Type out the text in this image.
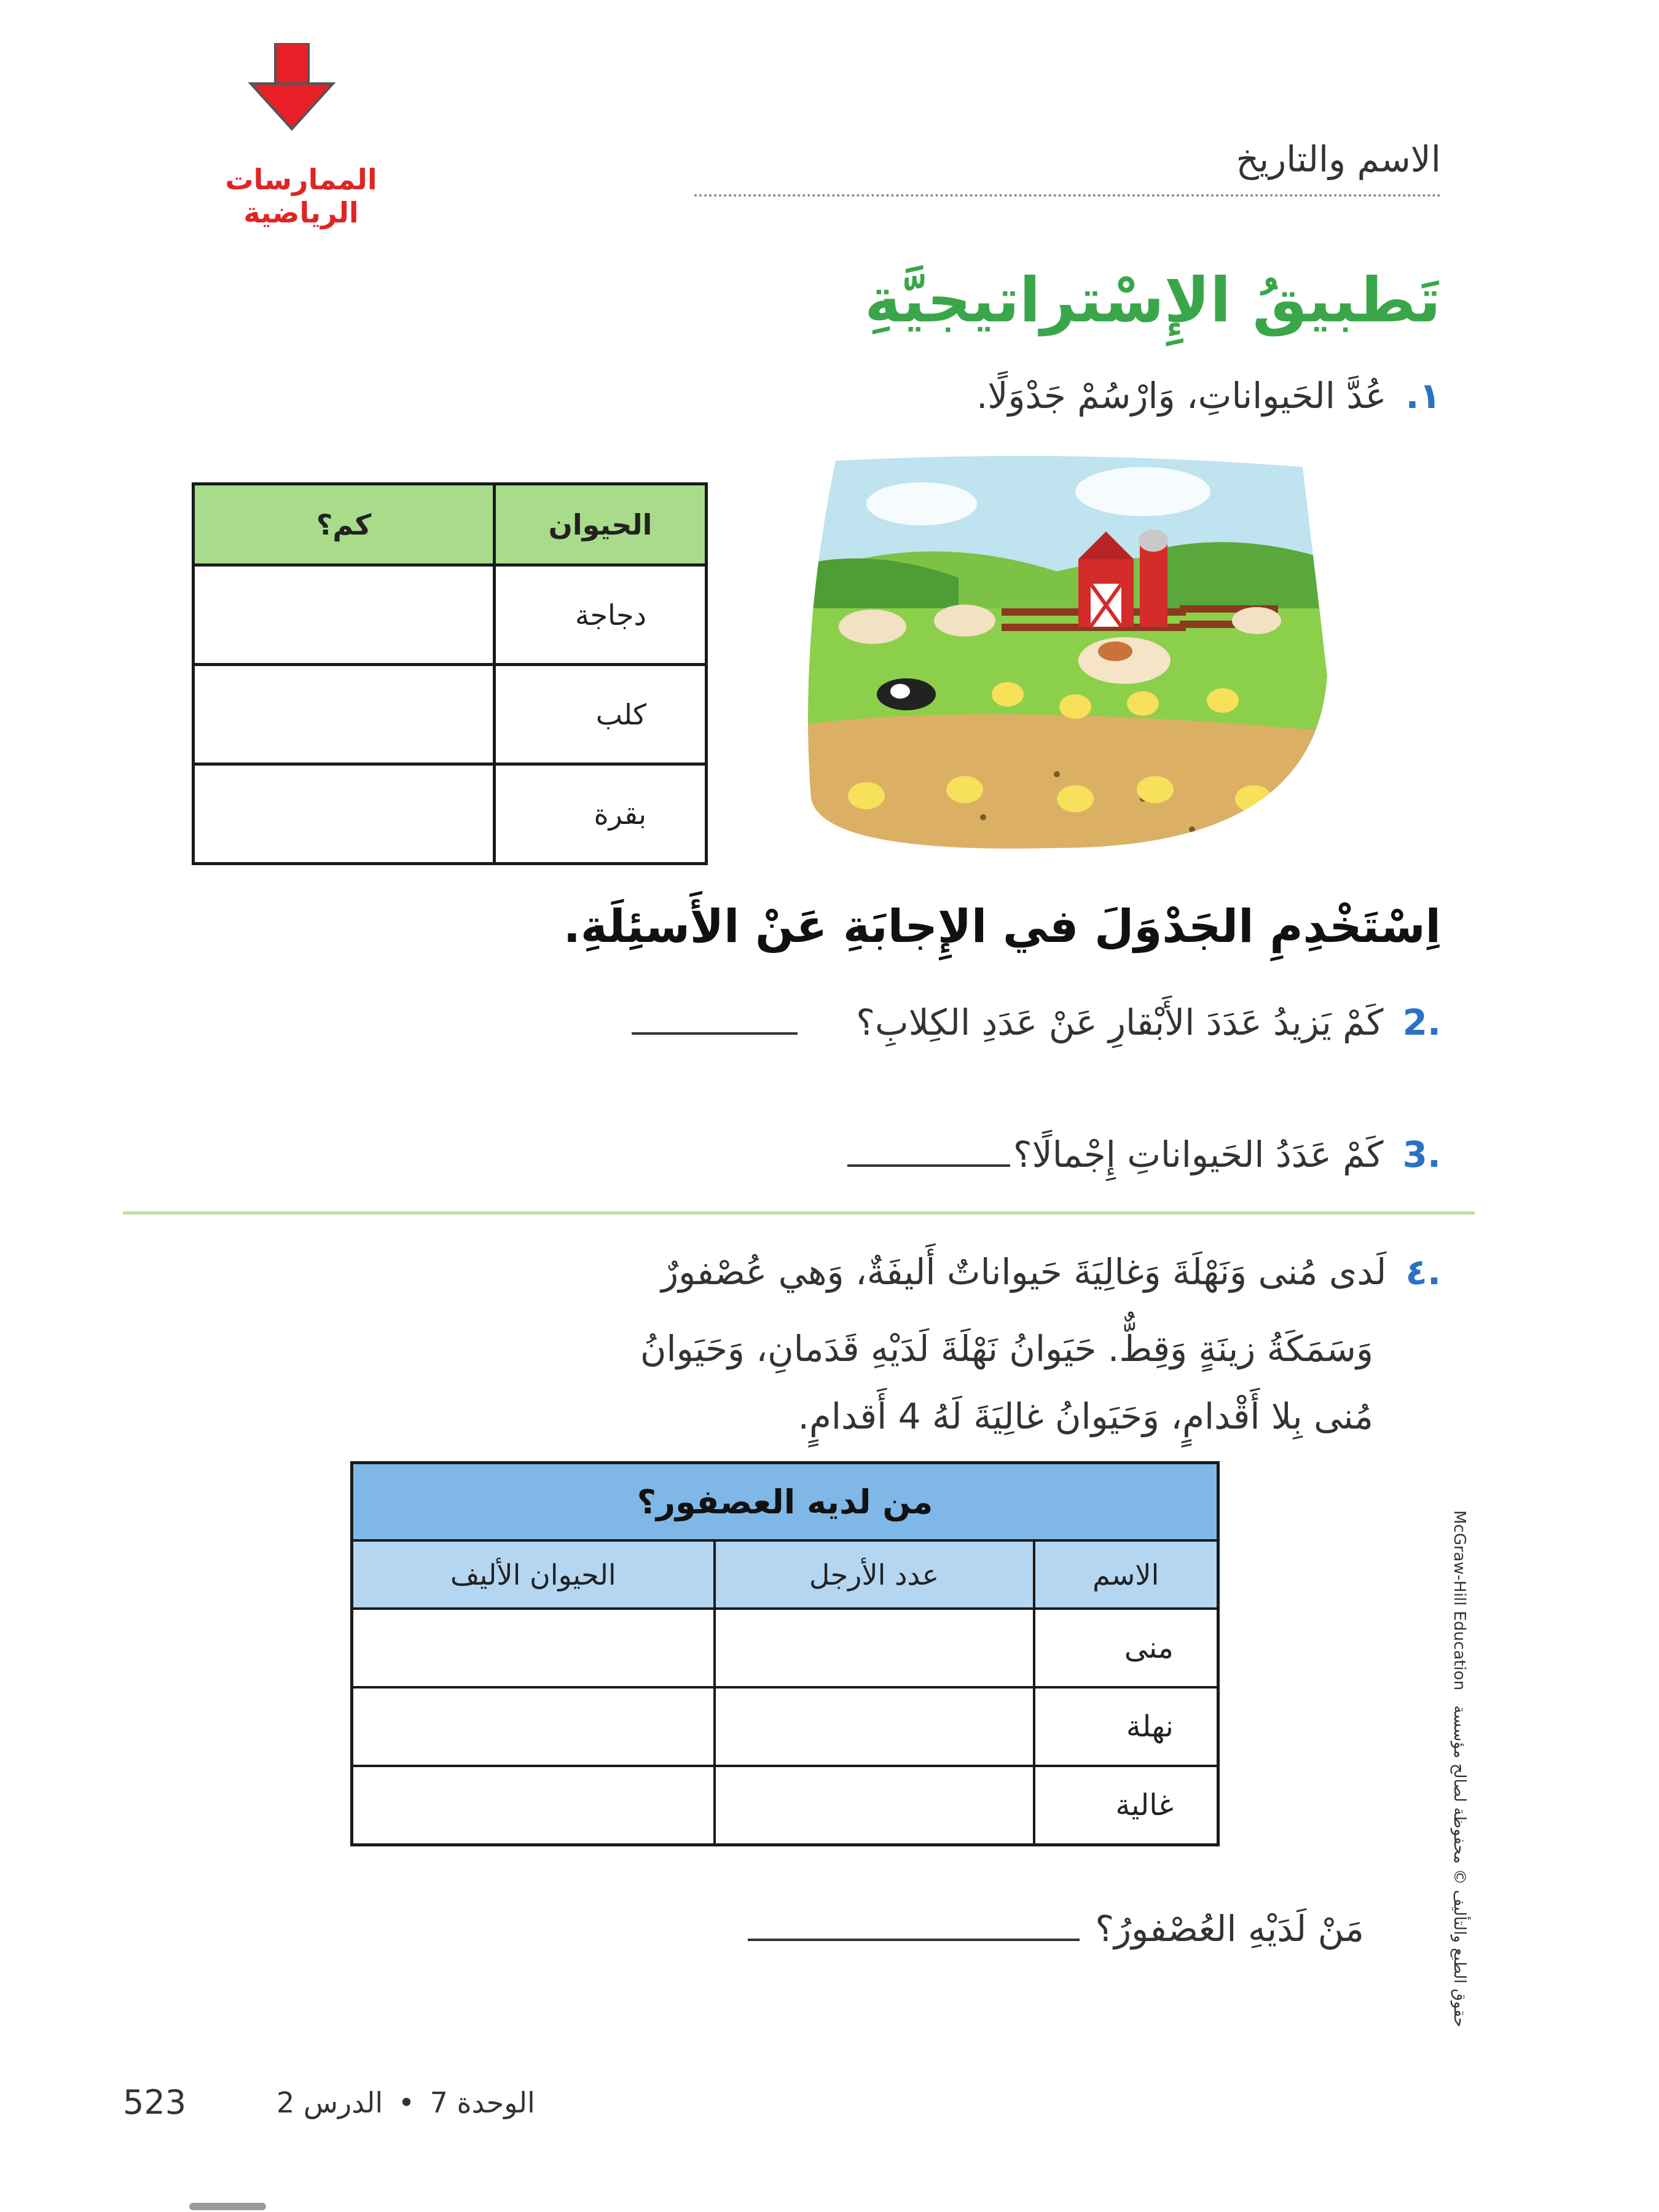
الممارسات الرياضية
الاسم والتاريخ
تَطبيقُ الإِسْتراتيجيَّةِ
١. عُدَّ الحَيواناتِ، وَارْسُمْ جَدْوَلًا.
الحيوان	كم؟
دجاجة	
كلب	
بقرة	
اِسْتَخْدِمِ الجَدْوَلَ في الإِجابَةِ عَنْ الأَسئِلَةِ.
.2 كَمْ يَزيدُ عَدَدَ الأَبْقارِ عَنْ عَدَدِ الكِلابِ؟
.3 كَمْ عَدَدُ الحَيواناتِ إِجْمالًا؟
.٤ لَدى مُنى وَنَهْلَةَ وَغالِيَةَ حَيواناتٌ أَليفَةٌ، وَهي عُصْفورٌ
وَسَمَكَةُ زينَةٍ وَقِطٌّ. حَيَوانُ نَهْلَةَ لَدَيْهِ قَدَمانِ، وَحَيَوانُ
مُنى بِلا أَقْدامٍ، وَحَيَوانُ غالِيَةَ لَهُ 4 أَقدامٍ.
من لديه العصفور؟		
الاسم	عدد الأرجل	الحيوان الأليف
منى		
نهلة		
غالية		
مَنْ لَدَيْهِ العُصْفورُ؟
McGraw-Hill Education حقوق الطبع والتأليف © محفوظة لصالح مؤسسة
الوحدة 7 • الدرس 2
523
